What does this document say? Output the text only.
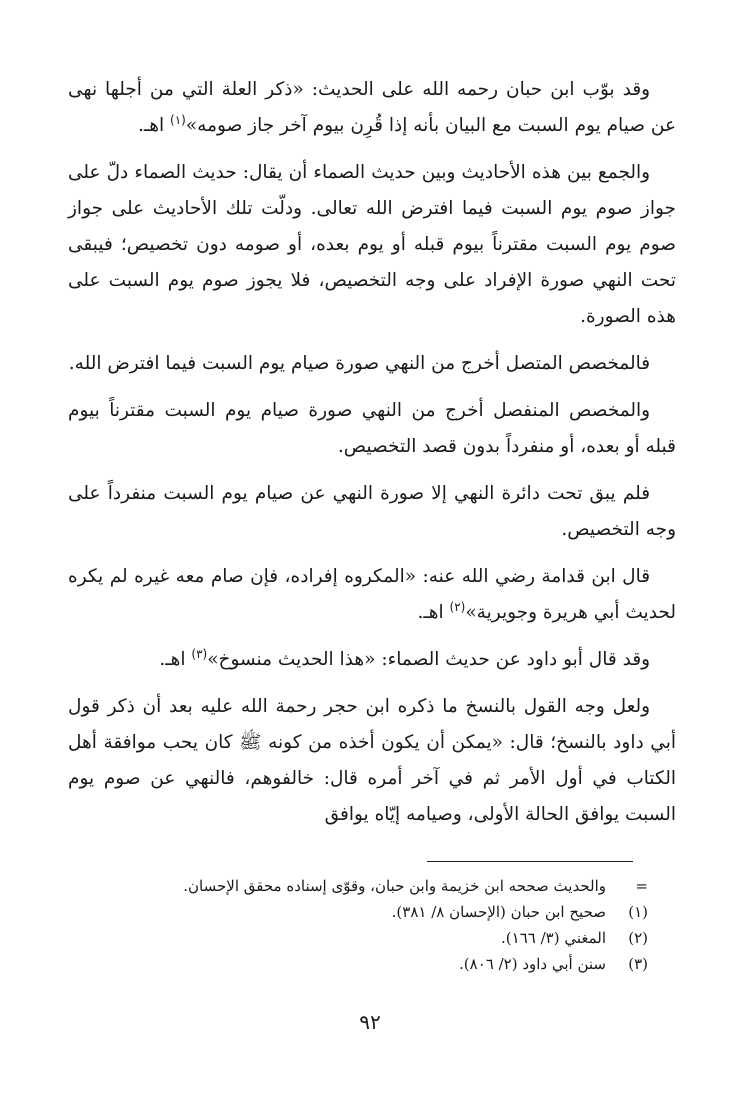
وقد بوّب ابن حبان رحمه الله على الحديث: «ذكر العلة التي من أجلها نهى عن صيام يوم السبت مع البيان بأنه إذا قُرِن بيوم آخر جاز صومه»$^{(١)}$ اهـ.

والجمع بين هذه الأحاديث وبين حديث الصماء أن يقال: حديث الصماء دلّ على جواز صوم يوم السبت فيما افترض الله تعالى. ودلّت تلك الأحاديث على جواز صوم يوم السبت مقترناً بيوم قبله أو يوم بعده، أو صومه دون تخصيص؛ فيبقى تحت النهي صورة الإفراد على وجه التخصيص، فلا يجوز صوم يوم السبت على هذه الصورة.

فالمخصص المتصل أخرج من النهي صورة صيام يوم السبت فيما افترض الله.

والمخصص المنفصل أخرج من النهي صورة صيام يوم السبت مقترناً بيوم قبله أو بعده، أو منفرداً بدون قصد التخصيص.

فلم يبق تحت دائرة النهي إلا صورة النهي عن صيام يوم السبت منفرداً على وجه التخصيص.

قال ابن قدامة رضي الله عنه: «المكروه إفراده، فإن صام معه غيره لم يكره لحديث أبي هريرة وجويرية»$^{(٢)}$ اهـ.

وقد قال أبو داود عن حديث الصماء: «هذا الحديث منسوخ»$^{(٣)}$ اهـ.

ولعل وجه القول بالنسخ ما ذكره ابن حجر رحمة الله عليه بعد أن ذكر قول أبي داود بالنسخ؛ قال: «يمكن أن يكون أخذه من كونه ﷺ كان يحب موافقة أهل الكتاب في أول الأمر ثم في آخر أمره قال: خالفوهم، فالنهي عن صوم يوم السبت يوافق الحالة الأولى، وصيامه إيّاه يوافق

=
والحديث صححه ابن خزيمة وابن حبان، وقوّى إسناده محقق الإحسان.
(١)
صحيح ابن حبان (الإحسان ٨/ ٣٨١).
(٢)
المغني (٣/ ١٦٦).
(٣)
سنن أبي داود (٢/ ٨٠٦).
٩٢
